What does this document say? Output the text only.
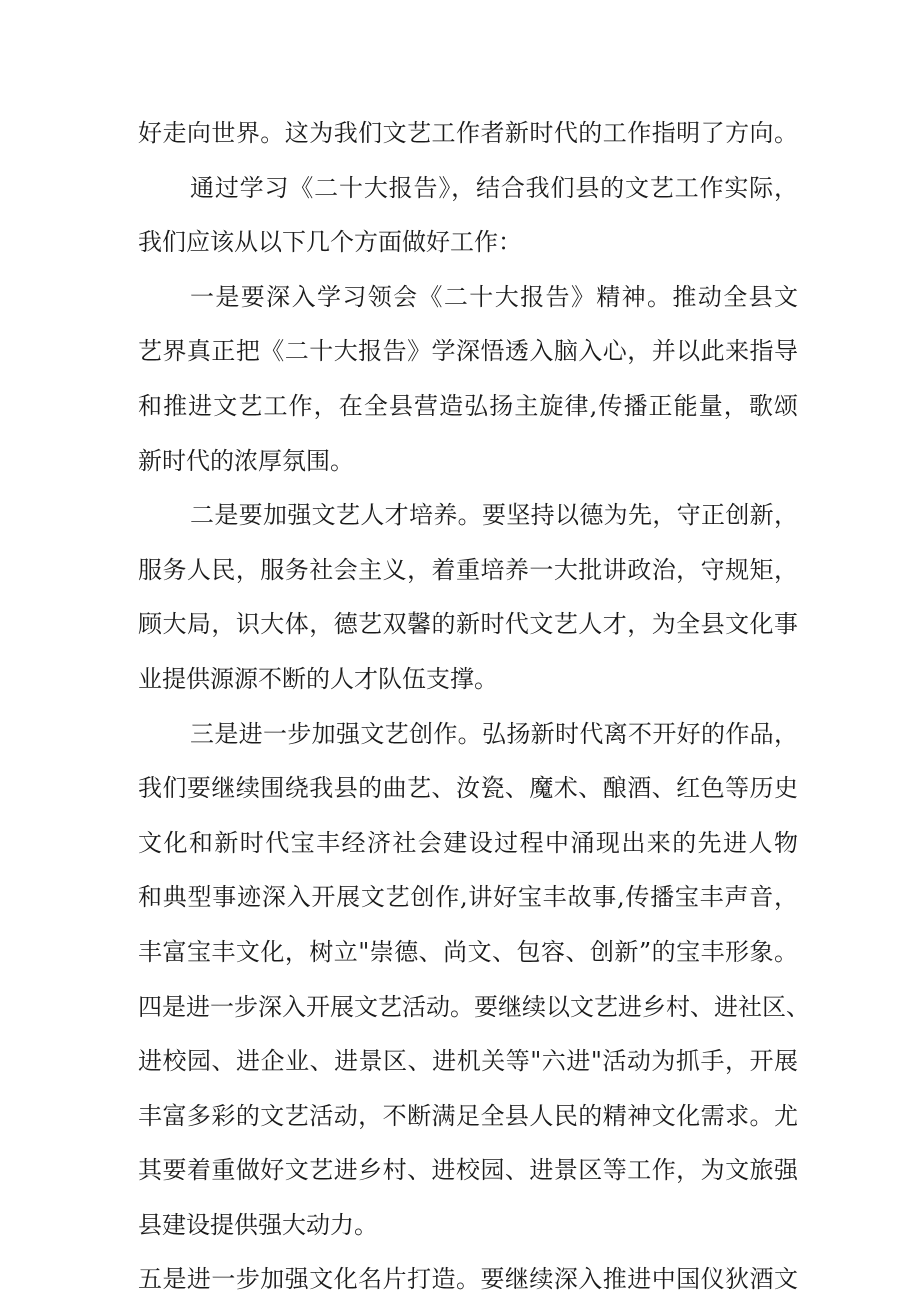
好走向世界。这为我们文艺工作者新时代的工作指明了方向。
通过学习《二十大报告》，结合我们县的文艺工作实际，
我们应该从以下几个方面做好工作：
一是要深入学习领会《二十大报告》精神。推动全县文
艺界真正把《二十大报告》学深悟透入脑入心，并以此来指导
和推进文艺工作，在全县营造弘扬主旋律,传播正能量，歌颂
新时代的浓厚氛围。
二是要加强文艺人才培养。要坚持以德为先，守正创新，
服务人民，服务社会主义，着重培养一大批讲政治，守规矩，
顾大局，识大体，德艺双馨的新时代文艺人才，为全县文化事
业提供源源不断的人才队伍支撑。
三是进一步加强文艺创作。弘扬新时代离不开好的作品，
我们要继续围绕我县的曲艺、汝瓷、魔术、酿酒、红色等历史
文化和新时代宝丰经济社会建设过程中涌现出来的先进人物
和典型事迹深入开展文艺创作,讲好宝丰故事,传播宝丰声音，
丰富宝丰文化，树立"崇德、尚文、包容、创新”的宝丰形象。
四是进一步深入开展文艺活动。要继续以文艺进乡村、进社区、
进校园、进企业、进景区、进机关等"六进"活动为抓手，开展
丰富多彩的文艺活动，不断满足全县人民的精神文化需求。尤
其要着重做好文艺进乡村、进校园、进景区等工作，为文旅强
县建设提供强大动力。
五是进一步加强文化名片打造。要继续深入推进中国仪狄酒文
